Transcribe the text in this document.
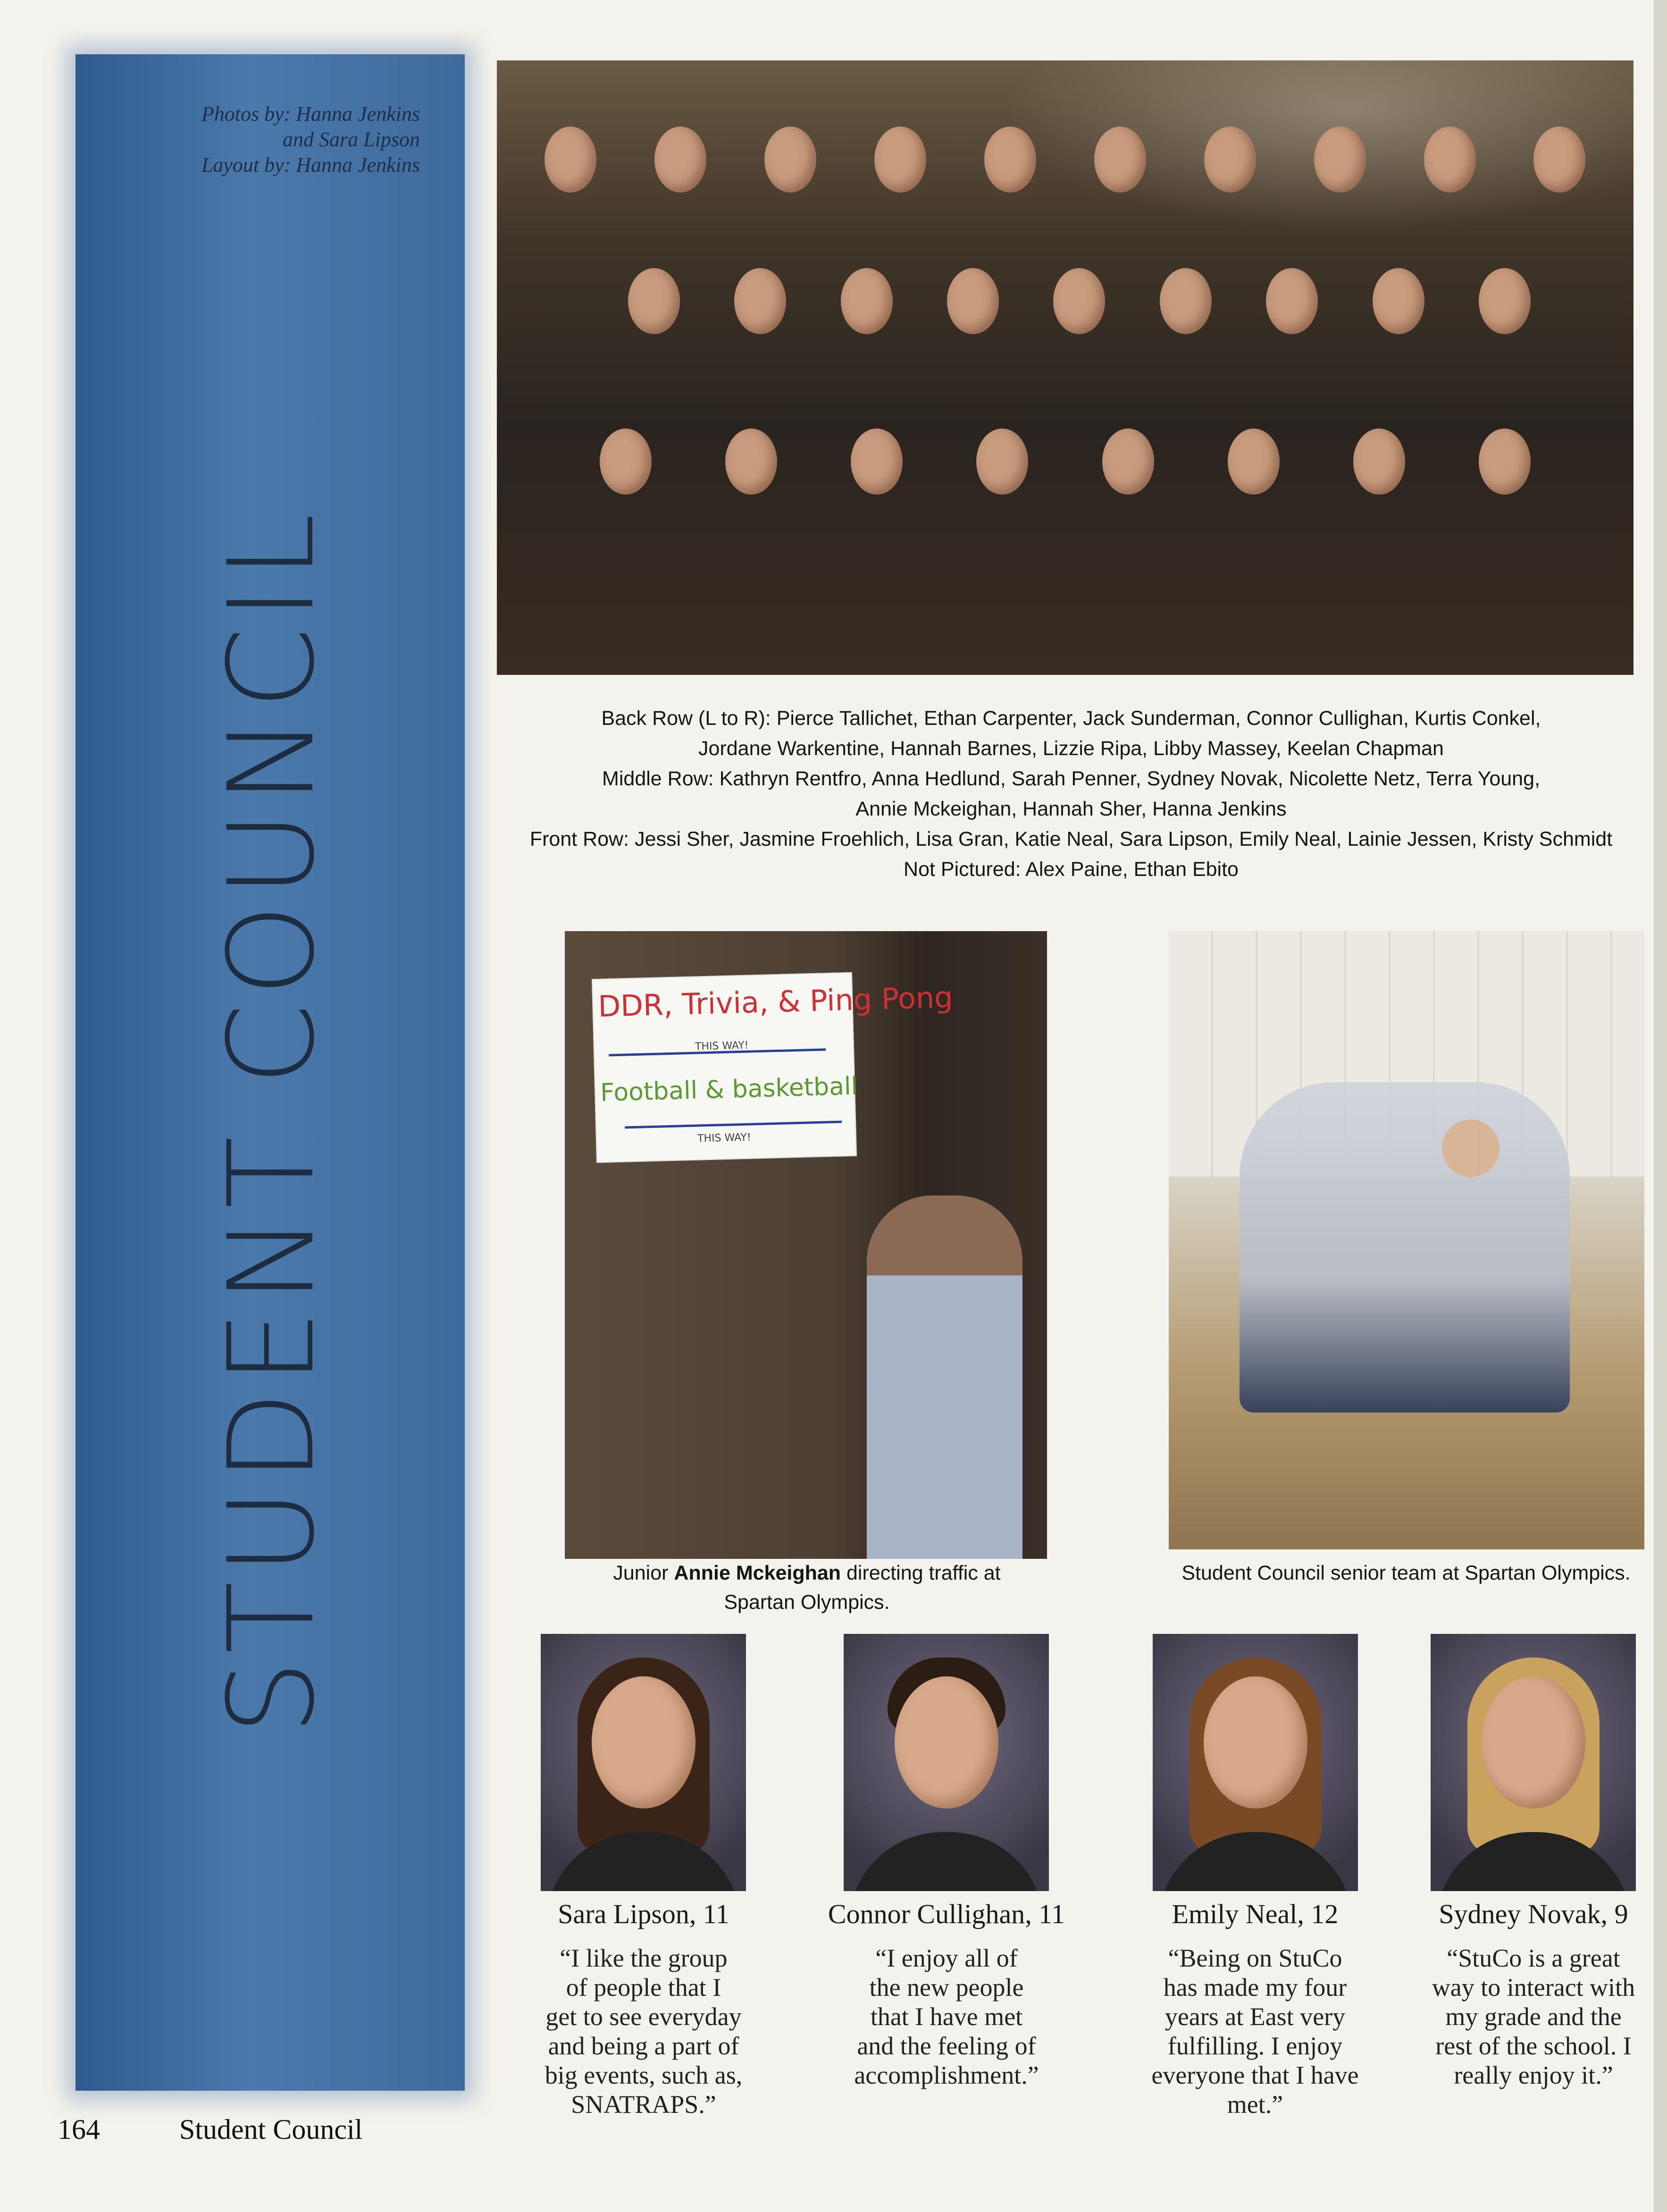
Photos by: Hanna Jenkins
and Sara Lipson
Layout by: Hanna Jenkins
STUDENT COUNCIL	Back Row (L to R): Pierce Tallichet, Ethan Carpenter, Jack Sunderman, Connor Cullighan, Kurtis Conkel,
Jordane Warkentine, Hannah Barnes, Lizzie Ripa, Libby Massey, Keelan Chapman
Middle Row: Kathryn Rentfro, Anna Hedlund, Sarah Penner, Sydney Novak, Nicolette Netz, Terra Young,
Annie Mckeighan, Hannah Sher, Hanna Jenkins
Front Row: Jessi Sher, Jasmine Froehlich, Lisa Gran, Katie Neal, Sara Lipson, Emily Neal, Lainie Jessen, Kristy Schmidt
Not Pictured: Alex Paine, Ethan Ebito
DDR, Trivia, & Ping Pong
THIS WAY!
Football & basketball
THIS WAY!
Junior Annie Mckeighan directing traffic at
Spartan Olympics.
Student Council senior team at Spartan Olympics.
Sara Lipson, 11	Connor Cullighan, 11	Emily Neal, 12	Sydney Novak, 9
“I like the group
of people that I
get to see everyday
and being a part of
big events, such as,
SNATRAPS.”
“I enjoy all of
the new people
that I have met
and the feeling of
accomplishment.”
“Being on StuCo
has made my four
years at East very
fulfilling. I enjoy
everyone that I have
met.”
“StuCo is a great
way to interact with
my grade and the
rest of the school. I
really enjoy it.”
164	Student Council
